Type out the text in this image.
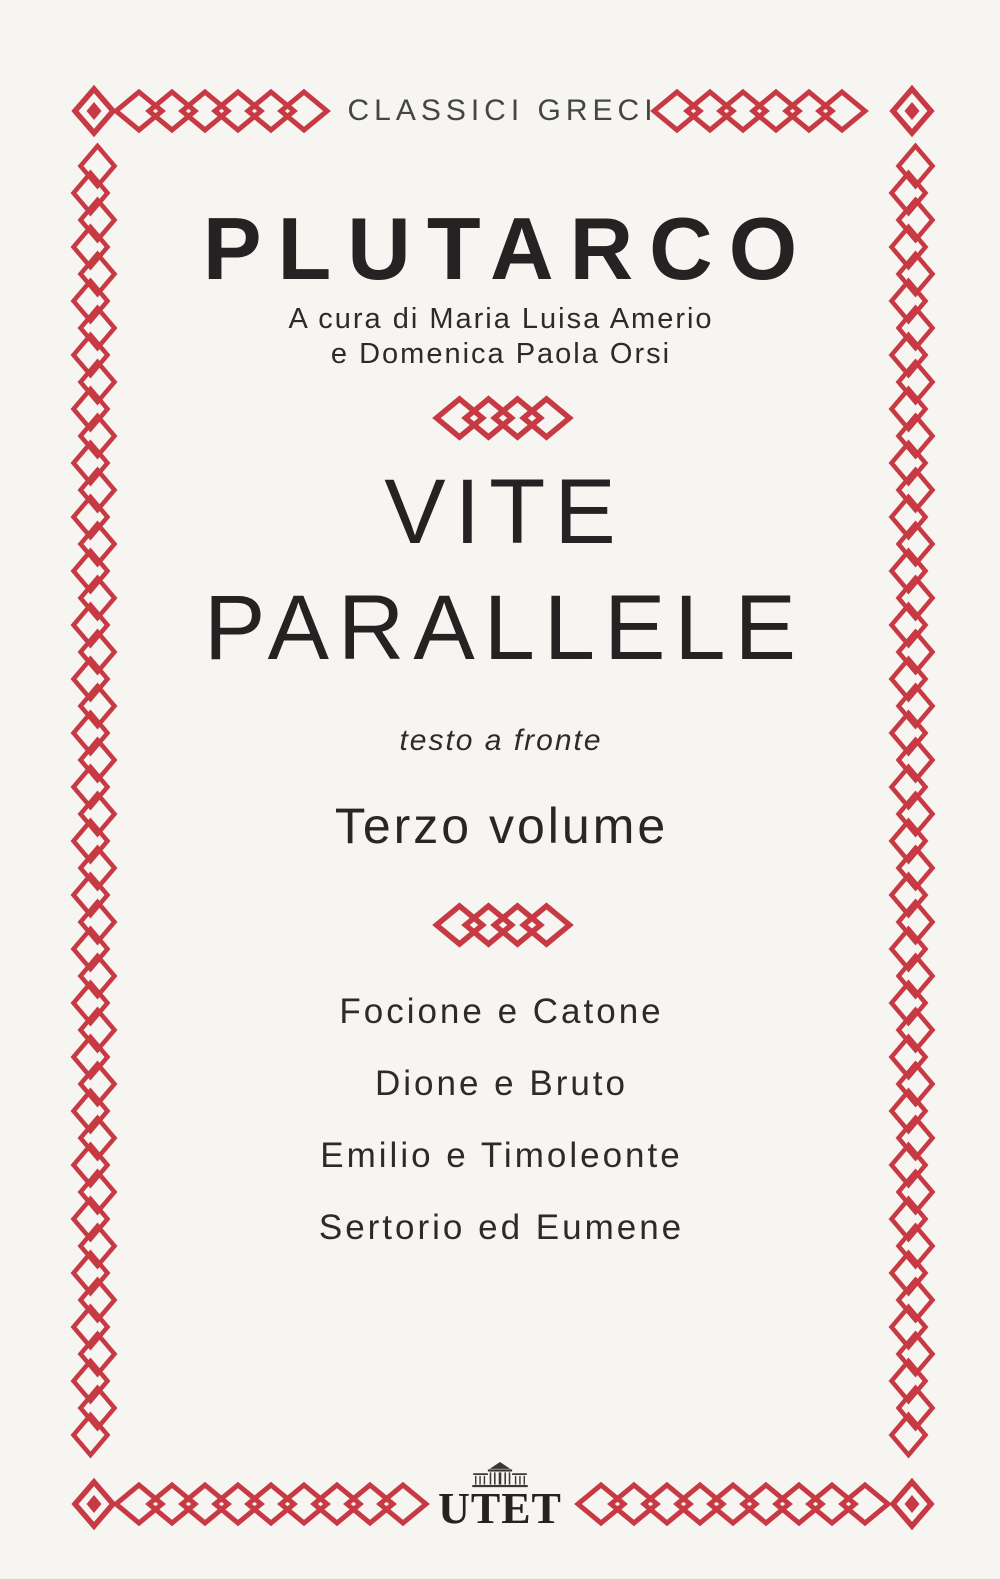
CLASSICI GRECI
PLUTARCO
A cura di Maria Luisa Amerio
e Domenica Paola Orsi
VITE
PARALLELE
testo a fronte
Terzo volume
Focione e Catone
Dione e Bruto
Emilio e Timoleonte
Sertorio ed Eumene
UTET
